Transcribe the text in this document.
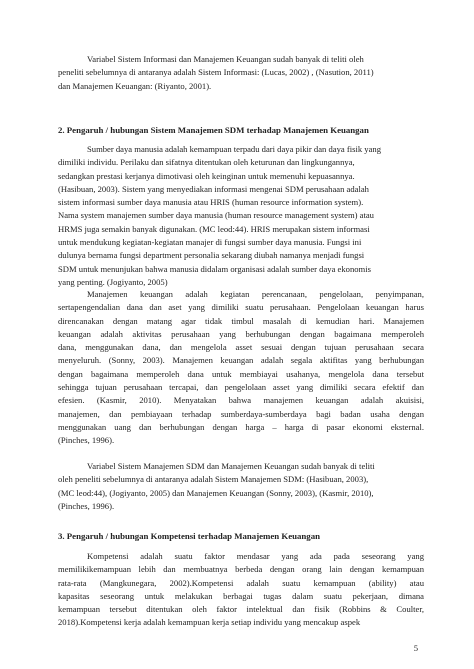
Variabel Sistem Informasi dan Manajemen Keuangan sudah banyak di teliti oleh
peneliti sebelumnya di antaranya adalah Sistem Informasi: (Lucas, 2002) , (Nasution, 2011)
dan Manajemen Keuangan: (Riyanto, 2001).
2. Pengaruh / hubungan Sistem Manajemen SDM terhadap Manajemen Keuangan
Sumber daya manusia adalah kemampuan terpadu dari daya pikir dan daya fisik yang
dimiliki individu. Perilaku dan sifatnya ditentukan oleh keturunan dan lingkungannya,
sedangkan prestasi kerjanya dimotivasi oleh keinginan untuk memenuhi kepuasannya.
(Hasibuan, 2003). Sistem yang menyediakan informasi mengenai SDM perusahaan adalah
sistem informasi sumber daya manusia atau HRIS (human resource information system).
Nama system manajemen sumber daya manusia (human resource management system) atau
HRMS juga semakin banyak digunakan. (MC leod:44). HRIS merupakan sistem informasi
untuk mendukung kegiatan-kegiatan manajer di fungsi sumber daya manusia. Fungsi ini
dulunya bernama fungsi department personalia sekarang diubah namanya menjadi fungsi
SDM untuk menunjukan bahwa manusia didalam organisasi adalah sumber daya ekonomis
yang penting. (Jogiyanto, 2005)
Manajemen keuangan adalah kegiatan perencanaan, pengelolaan, penyimpanan,
sertapengendalian dana dan aset yang dimiliki suatu perusahaan. Pengelolaan keuangan harus
direncanakan dengan matang agar tidak timbul masalah di kemudian hari. Manajemen
keuangan adalah aktivitas perusahaan yang berhubungan dengan bagaimana memperoleh
dana, menggunakan dana, dan mengelola asset sesuai dengan tujuan perusahaan secara
menyeluruh. (Sonny, 2003). Manajemen keuangan adalah segala aktifitas yang berhubungan
dengan bagaimana memperoleh dana untuk membiayai usahanya, mengelola dana tersebut
sehingga tujuan perusahaan tercapai, dan pengelolaan asset yang dimiliki secara efektif dan
efesien. (Kasmir, 2010). Menyatakan bahwa manajemen keuangan adalah akuisisi,
manajemen, dan pembiayaan terhadap sumberdaya-sumberdaya bagi badan usaha dengan
menggunakan uang dan berhubungan dengan harga – harga di pasar ekonomi eksternal.
(Pinches, 1996).
Variabel Sistem Manajemen SDM dan Manajemen Keuangan sudah banyak di teliti
oleh peneliti sebelumnya di antaranya adalah Sistem Manajemen SDM: (Hasibuan, 2003),
(MC leod:44), (Jogiyanto, 2005) dan Manajemen Keuangan (Sonny, 2003), (Kasmir, 2010),
(Pinches, 1996).
3. Pengaruh / hubungan Kompetensi terhadap Manajemen Keuangan
Kompetensi adalah suatu faktor mendasar yang ada pada seseorang yang
memilikikemampuan lebih dan membuatnya berbeda dengan orang lain dengan kemampuan
rata-rata (Mangkunegara, 2002).Kompetensi adalah suatu kemampuan (ability) atau
kapasitas seseorang untuk melakukan berbagai tugas dalam suatu pekerjaan, dimana
kemampuan tersebut ditentukan oleh faktor intelektual dan fisik (Robbins & Coulter,
2018).Kompetensi kerja adalah kemampuan kerja setiap individu yang mencakup aspek
5
